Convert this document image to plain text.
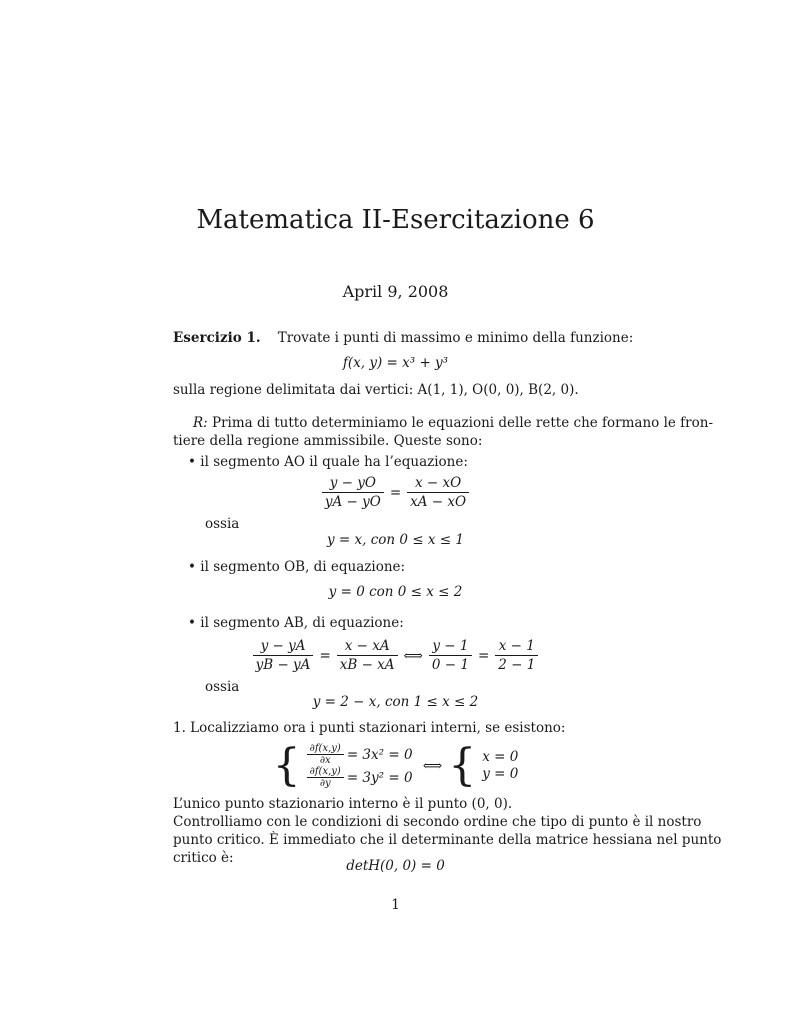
Matematica II-Esercitazione 6
April 9, 2008
Esercizio 1. Trovate i punti di massimo e minimo della funzione:
f(x, y) = x³ + y³
sulla regione delimitata dai vertici: A(1, 1), O(0, 0), B(2, 0).
R: Prima di tutto determiniamo le equazioni delle rette che formano le fron-
tiere della regione ammissibile. Queste sono:
• il segmento AO il quale ha l’equazione:
$\frac{y - yO}{yA - yO} = \frac{x - xO}{xA - xO}$
ossia
y = x, con 0 ≤ x ≤ 1
• il segmento OB, di equazione:
y = 0 con 0 ≤ x ≤ 2
• il segmento AB, di equazione:
$\frac{y - yA}{yB - yA} = \frac{x - xA}{xB - xA}$ ⟺ $\frac{y - 1}{0 - 1} = \frac{x - 1}{2 - 1}$
ossia
y = 2 − x, con 1 ≤ x ≤ 2
1. Localizziamo ora i punti stazionari interni, se esistono:
{ $\frac{\partial f(x,y)}{\partial x} = 3x^2 = 0$
$\frac{\partial f(x,y)}{\partial y} = 3y^2 = 0$
⟺ { x = 0
y = 0
L’unico punto stazionario interno è il punto (0, 0).
Controlliamo con le condizioni di secondo ordine che tipo di punto è il nostro
punto critico. È immediato che il determinante della matrice hessiana nel punto
critico è:	detH(0, 0) = 0
1
